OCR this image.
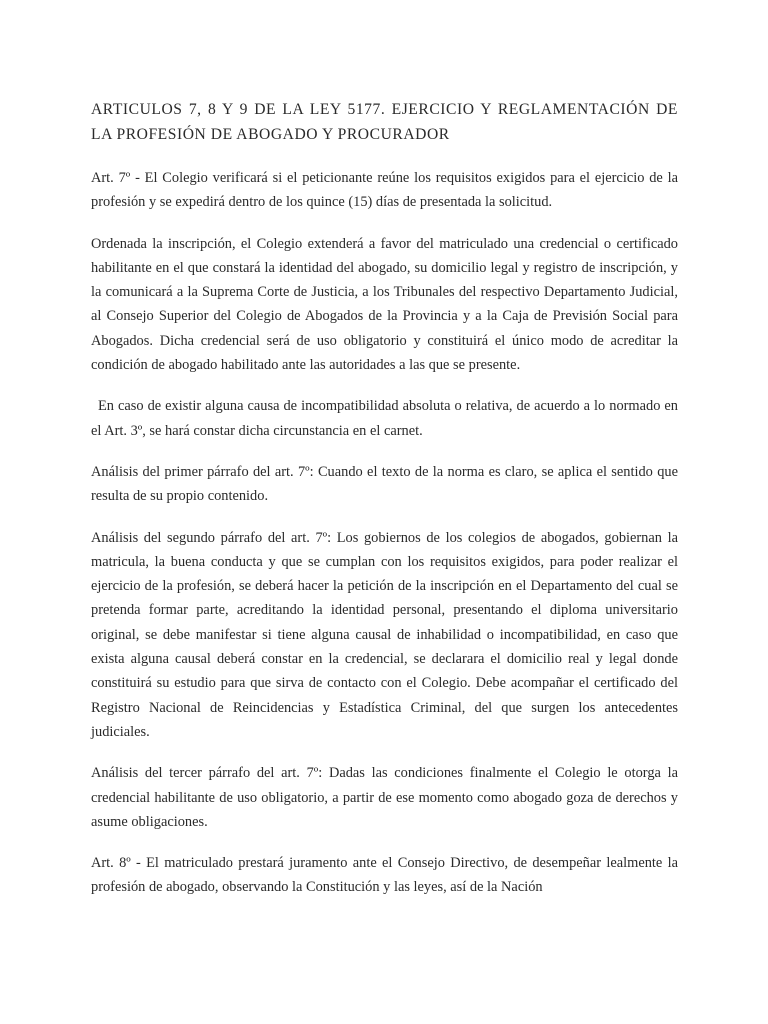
ARTICULOS 7, 8 Y 9 DE LA LEY 5177. EJERCICIO Y REGLAMENTACIÓN DE LA PROFESIÓN DE ABOGADO Y PROCURADOR

Art. 7º - El Colegio verificará si el peticionante reúne los requisitos exigidos para el ejercicio de la profesión y se expedirá dentro de los quince (15) días de presentada la solicitud.

Ordenada la inscripción, el Colegio extenderá a favor del matriculado una credencial o certificado habilitante en el que constará la identidad del abogado, su domicilio legal y registro de inscripción, y la comunicará a la Suprema Corte de Justicia, a los Tribunales del respectivo Departamento Judicial, al Consejo Superior del Colegio de Abogados de la Provincia y a la Caja de Previsión Social para Abogados. Dicha credencial será de uso obligatorio y constituirá el único modo de acreditar la condición de abogado habilitado ante las autoridades a las que se presente.

En caso de existir alguna causa de incompatibilidad absoluta o relativa, de acuerdo a lo normado en el Art. 3º, se hará constar dicha circunstancia en el carnet.

Análisis del primer párrafo del art. 7º: Cuando el texto de la norma es claro, se aplica el sentido que resulta de su propio contenido.

Análisis del segundo párrafo del art. 7º: Los gobiernos de los colegios de abogados, gobiernan la matricula, la buena conducta y que se cumplan con los requisitos exigidos, para poder realizar el ejercicio de la profesión, se deberá hacer la petición de la inscripción en el Departamento del cual se pretenda formar parte, acreditando la identidad personal, presentando el diploma universitario original, se debe manifestar si tiene alguna causal de inhabilidad o incompatibilidad, en caso que exista alguna causal deberá constar en la credencial, se declarara el domicilio real y legal donde constituirá su estudio para que sirva de contacto con el Colegio. Debe acompañar el certificado del Registro Nacional de Reincidencias y Estadística Criminal, del que surgen los antecedentes judiciales.

Análisis del tercer párrafo del art. 7º: Dadas las condiciones finalmente el Colegio le otorga la credencial habilitante de uso obligatorio, a partir de ese momento como abogado goza de derechos y asume obligaciones.

Art. 8º - El matriculado prestará juramento ante el Consejo Directivo, de desempeñar lealmente la profesión de abogado, observando la Constitución y las leyes, así de la Nación
